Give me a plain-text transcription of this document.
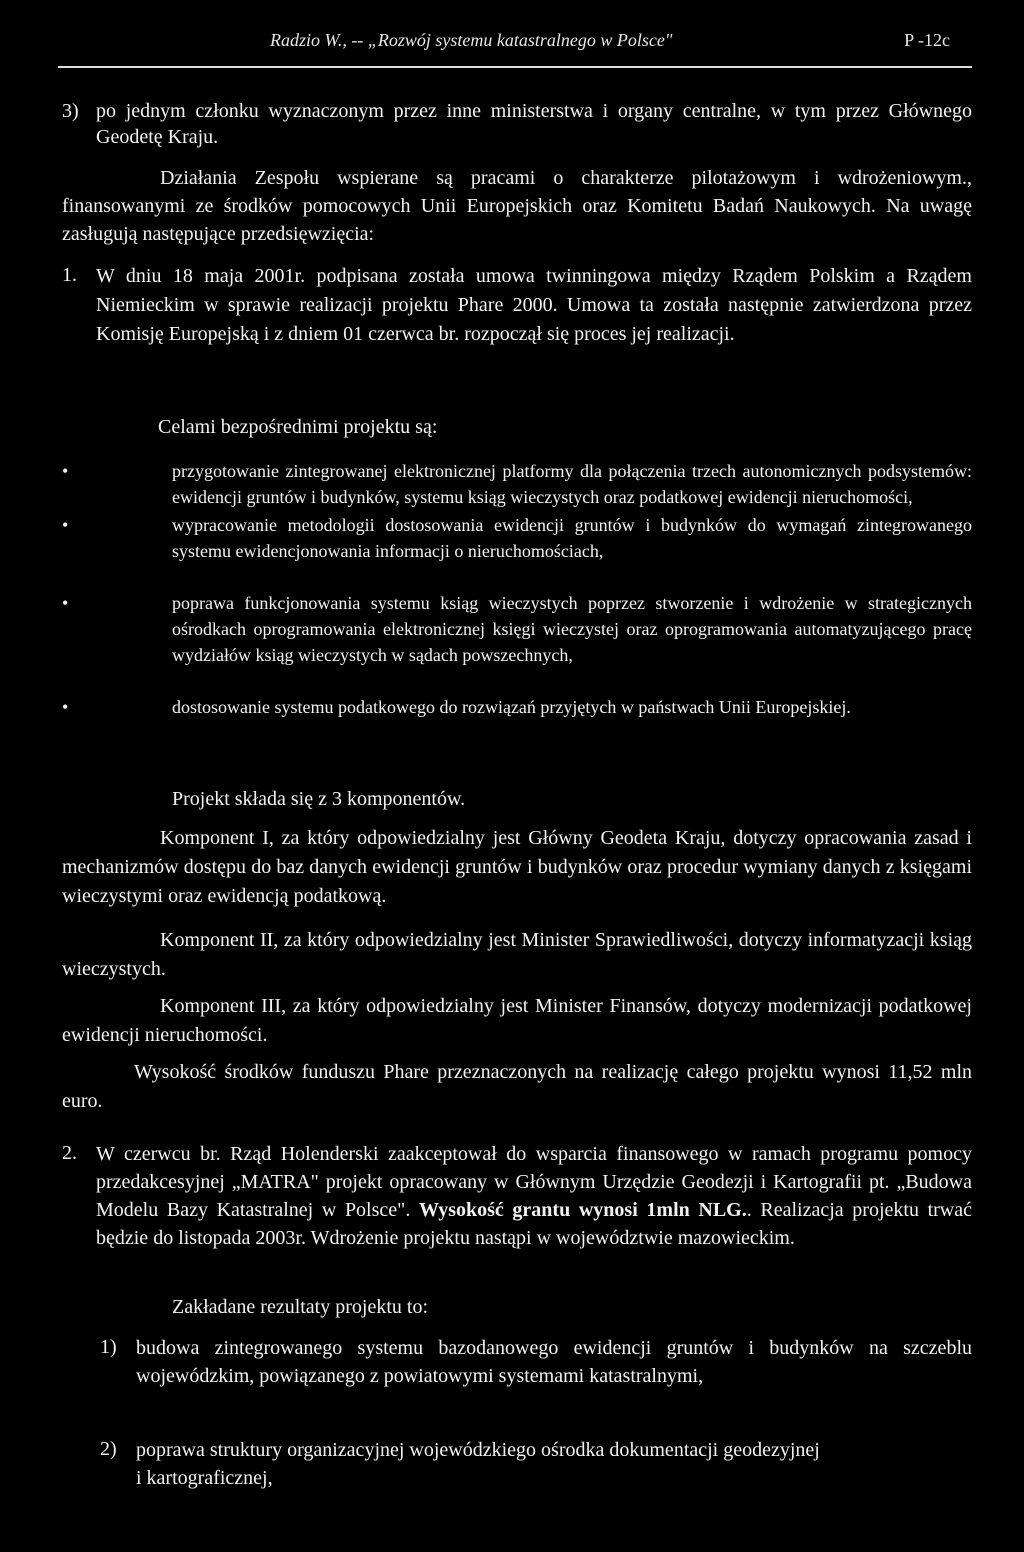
Radzio W., -- „Rozwój systemu katastralnego w Polsce"	P -12c
3) po jednym członku wyznaczonym przez inne ministerstwa i organy centralne, w tym przez Głównego Geodetę Kraju.

Działania Zespołu wspierane są pracami o charakterze pilotażowym i wdrożeniowym., finansowanymi ze środków pomocowych Unii Europejskich oraz Komitetu Badań Naukowych. Na uwagę zasługują następujące przedsięwzięcia:

1. W dniu 18 maja 2001r. podpisana została umowa twinningowa między Rządem Polskim a Rządem Niemieckim w sprawie realizacji projektu Phare 2000. Umowa ta została następnie zatwierdzona przez Komisję Europejską i z dniem 01 czerwca br. rozpoczął się proces jej realizacji.

Celami bezpośrednimi projektu są:

•	przygotowanie zintegrowanej elektronicznej platformy dla połączenia trzech autonomicznych podsystemów: ewidencji gruntów i budynków, systemu ksiąg wieczystych oraz podatkowej ewidencji nieruchomości,

•	wypracowanie metodologii dostosowania ewidencji gruntów i budynków do wymagań zintegrowanego systemu ewidencjonowania informacji o nieruchomościach,

•	poprawa funkcjonowania systemu ksiąg wieczystych poprzez stworzenie i wdrożenie w strategicznych ośrodkach oprogramowania elektronicznej księgi wieczystej oraz oprogramowania automatyzującego pracę wydziałów ksiąg wieczystych w sądach powszechnych,

•	dostosowanie systemu podatkowego do rozwiązań przyjętych w państwach Unii Europejskiej.

Projekt składa się z 3 komponentów.

Komponent I, za który odpowiedzialny jest Główny Geodeta Kraju, dotyczy opracowania zasad i mechanizmów dostępu do baz danych ewidencji gruntów i budynków oraz procedur wymiany danych z księgami wieczystymi oraz ewidencją podatkową.

Komponent II, za który odpowiedzialny jest Minister Sprawiedliwości, dotyczy informatyzacji ksiąg wieczystych.

Komponent III, za który odpowiedzialny jest Minister Finansów, dotyczy modernizacji podatkowej ewidencji nieruchomości.

Wysokość środków funduszu Phare przeznaczonych na realizację całego projektu wynosi 11,52 mln euro.

2. W czerwcu br. Rząd Holenderski zaakceptował do wsparcia finansowego w ramach programu pomocy przedakcesyjnej „MATRA" projekt opracowany w Głównym Urzędzie Geodezji i Kartografii pt. „Budowa Modelu Bazy Katastralnej w Polsce". Wysokość grantu wynosi 1mln NLG.. Realizacja projektu trwać będzie do listopada 2003r. Wdrożenie projektu nastąpi w województwie mazowieckim.

Zakładane rezultaty projektu to:

1) budowa zintegrowanego systemu bazodanowego ewidencji gruntów i budynków na szczeblu wojewódzkim, powiązanego z powiatowymi systemami katastralnymi,

2) poprawa struktury organizacyjnej wojewódzkiego ośrodka dokumentacji geodezyjnej
i kartograficznej,
